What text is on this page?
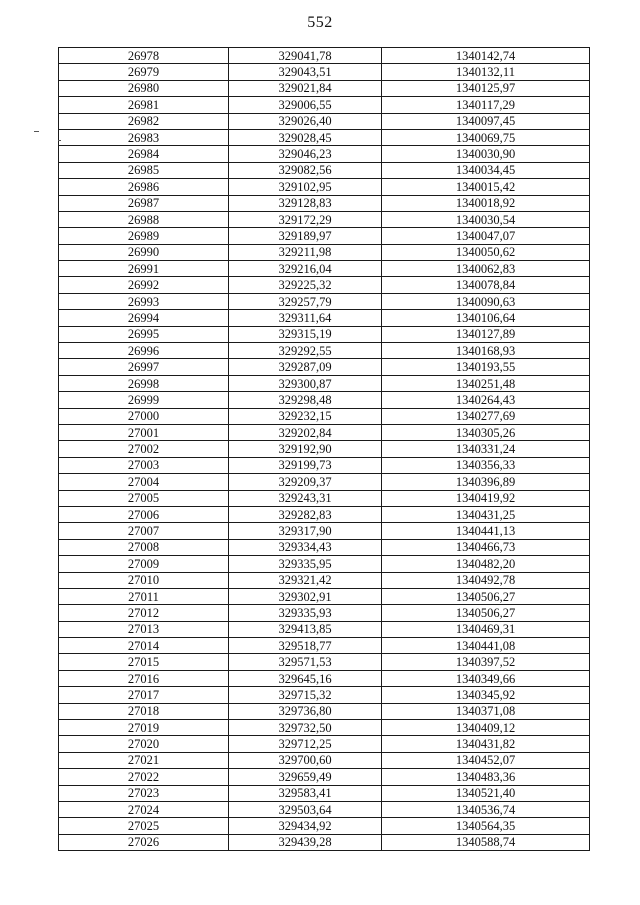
552
26978	329041,78	1340142,74
26979	329043,51	1340132,11
26980	329021,84	1340125,97
26981	329006,55	1340117,29
26982	329026,40	1340097,45
26983	329028,45	1340069,75
26984	329046,23	1340030,90
26985	329082,56	1340034,45
26986	329102,95	1340015,42
26987	329128,83	1340018,92
26988	329172,29	1340030,54
26989	329189,97	1340047,07
26990	329211,98	1340050,62
26991	329216,04	1340062,83
26992	329225,32	1340078,84
26993	329257,79	1340090,63
26994	329311,64	1340106,64
26995	329315,19	1340127,89
26996	329292,55	1340168,93
26997	329287,09	1340193,55
26998	329300,87	1340251,48
26999	329298,48	1340264,43
27000	329232,15	1340277,69
27001	329202,84	1340305,26
27002	329192,90	1340331,24
27003	329199,73	1340356,33
27004	329209,37	1340396,89
27005	329243,31	1340419,92
27006	329282,83	1340431,25
27007	329317,90	1340441,13
27008	329334,43	1340466,73
27009	329335,95	1340482,20
27010	329321,42	1340492,78
27011	329302,91	1340506,27
27012	329335,93	1340506,27
27013	329413,85	1340469,31
27014	329518,77	1340441,08
27015	329571,53	1340397,52
27016	329645,16	1340349,66
27017	329715,32	1340345,92
27018	329736,80	1340371,08
27019	329732,50	1340409,12
27020	329712,25	1340431,82
27021	329700,60	1340452,07
27022	329659,49	1340483,36
27023	329583,41	1340521,40
27024	329503,64	1340536,74
27025	329434,92	1340564,35
27026	329439,28	1340588,74
